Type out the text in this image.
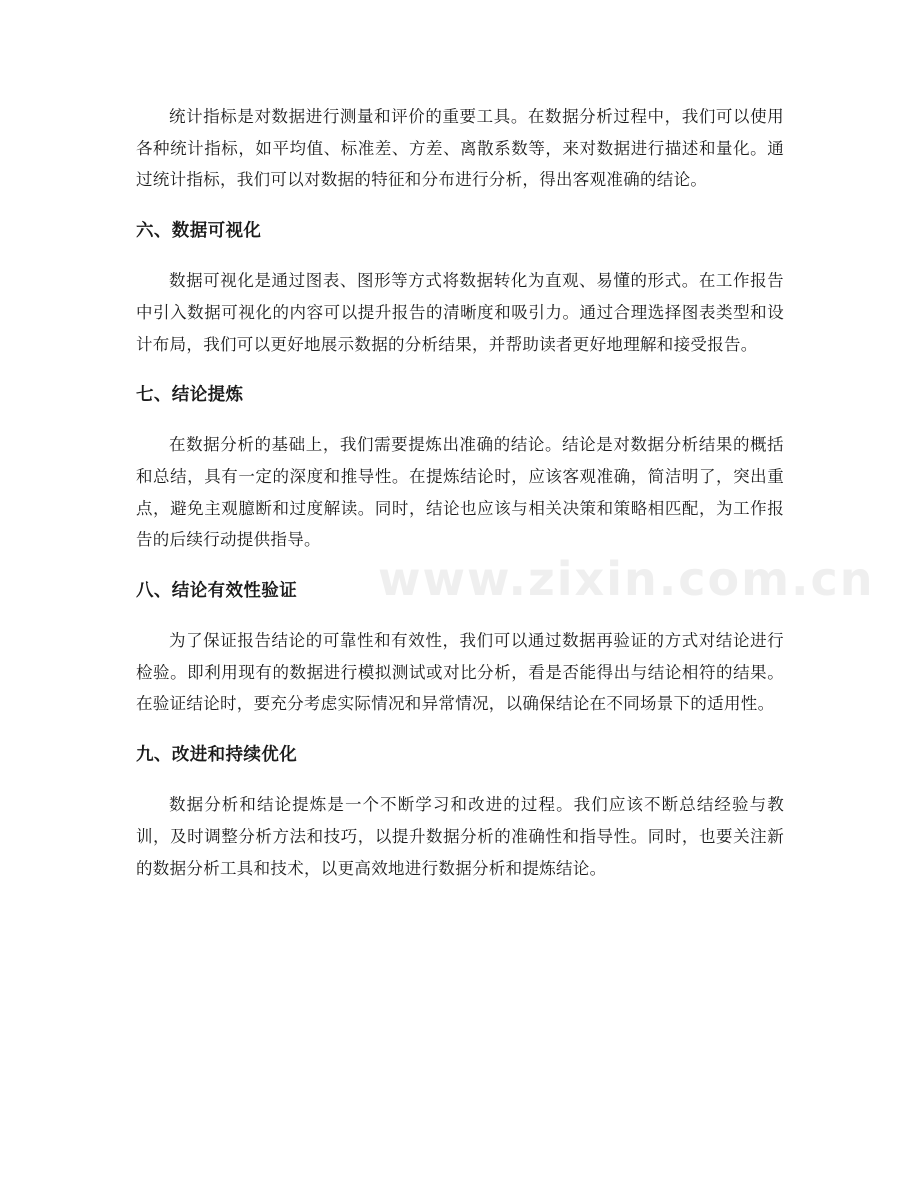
www.zixin.com.cn

统计指标是对数据进行测量和评价的重要工具。在数据分析过程中，我们可以使用各种统计指标，如平均值、标准差、方差、离散系数等，来对数据进行描述和量化。通过统计指标，我们可以对数据的特征和分布进行分析，得出客观准确的结论。

六、数据可视化

数据可视化是通过图表、图形等方式将数据转化为直观、易懂的形式。在工作报告中引入数据可视化的内容可以提升报告的清晰度和吸引力。通过合理选择图表类型和设计布局，我们可以更好地展示数据的分析结果，并帮助读者更好地理解和接受报告。

七、结论提炼

在数据分析的基础上，我们需要提炼出准确的结论。结论是对数据分析结果的概括和总结，具有一定的深度和推导性。在提炼结论时，应该客观准确，简洁明了，突出重点，避免主观臆断和过度解读。同时，结论也应该与相关决策和策略相匹配，为工作报告的后续行动提供指导。

八、结论有效性验证

为了保证报告结论的可靠性和有效性，我们可以通过数据再验证的方式对结论进行检验。即利用现有的数据进行模拟测试或对比分析，看是否能得出与结论相符的结果。在验证结论时，要充分考虑实际情况和异常情况，以确保结论在不同场景下的适用性。

九、改进和持续优化

数据分析和结论提炼是一个不断学习和改进的过程。我们应该不断总结经验与教训，及时调整分析方法和技巧，以提升数据分析的准确性和指导性。同时，也要关注新的数据分析工具和技术，以更高效地进行数据分析和提炼结论。
